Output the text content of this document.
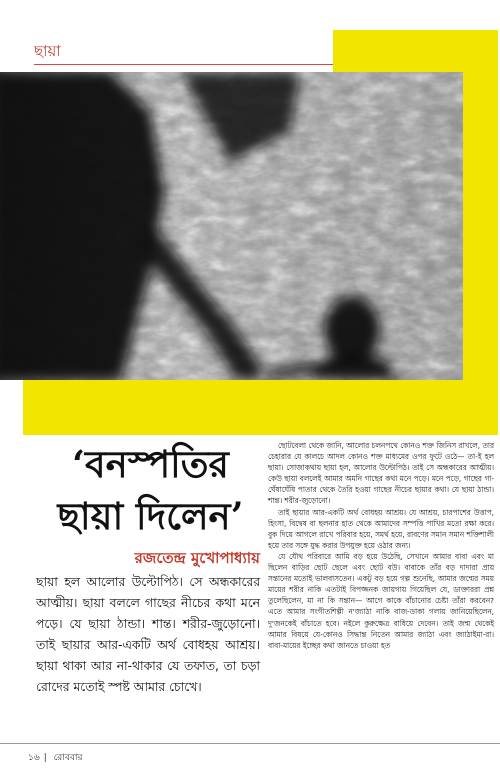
ছায়া
‘বনস্পতির
ছায়া দিলেন’
রজতেন্দ্র মুখোপাধ্যায়
ছায়া হল আলোর উল্টোপিঠ। সে অন্ধকারের আত্মীয়। ছায়া বললে গাছের নীচের কথা মনে পড়ে। যে ছায়া ঠান্ডা। শান্ত। শরীর-জুড়োনো। তাই ছায়ার আর-একটি অর্থ বোধহয় আশ্রয়। ছায়া থাকা আর না-থাকার যে তফাত, তা চড়া রোদের মতোই স্পষ্ট আমার চোখে।

ছোটবেলা থেকে জানি, আলোর চলনপথে কোনও শক্ত জিনিস রাখলে, তার চেহারার যে কালচে আদল কোনও শক্ত মাধ্যমের ওপর ফুটে ওঠে— তা-ই হল ছায়া। সোজাকথায় ছায়া হল, আলোর উল্টোপিঠ। তাই সে অন্ধকারের আত্মীয়। কেউ ছায়া বললেই আমার অমনি গাছের কথা মনে পড়ে। মনে পড়ে, গাছের গা-ঘেঁষাঘেঁষি পাতার থেকে তৈরি হওয়া গাছের নীচের ছায়ার কথা। যে ছায়া ঠান্ডা। শান্ত। শরীর-জুড়োনো।

তাই ছায়ার আর-একটি অর্থ বোধহয় আশ্রয়। যে আশ্রয়, চারপাশের উত্তাপ, হিংসা, বিদ্বেষ বা ছলনার হাত থেকে আমাদের সম্পত্তি পাখির মতো রক্ষা করে। বুক দিয়ে আগলে রাখে পরিবার হয়ে, সমর্থ হয়ে, রাবণের সমান সমান শক্তিশালী হয়ে তার সঙ্গে যুদ্ধ করার উপযুক্ত হয়ে ওঠার জন্য।

যে যৌথ পরিবারে আমি বড় হয়ে উঠেছি, সেখানে আমার বাবা এবং মা ছিলেন বাড়ির ছোট ছেলে এবং ছোট বউ। বাবাকে তাঁর বড় দাদারা প্রায় সন্তানের মতোই ভালবাসতেন। একটু বড় হয়ে গল্প শুনেছি, আমার জন্মের সময় মায়ের শরীর নাকি এতটাই বিপজ্জনক জায়গায় গিয়েছিল যে, ডাক্তাররা প্রশ্ন তুলেছিলেন, মা না কি সন্তান— আগে কাকে বাঁচানোর চেষ্টা তাঁরা করবেন? এতে আমার সংগীতশিল্পী ন'জ্যাঠা নাকি বাজ-ডাকা গলায় জানিয়েছিলেন, দু'জনকেই বাঁচাতে হবে। নইলে কুরুক্ষেত্র বাধিয়ে দেবেন। তাই জন্ম থেকেই আমার বিষয়ে যে-কোনও সিদ্ধান্ত নিতেন আমার জ্যাঠা এবং জ্যাঠাইমা-রা। বাবা-মায়ের ইচ্ছের কথা জানতে চাওয়া হত

১৬ | রোববার
